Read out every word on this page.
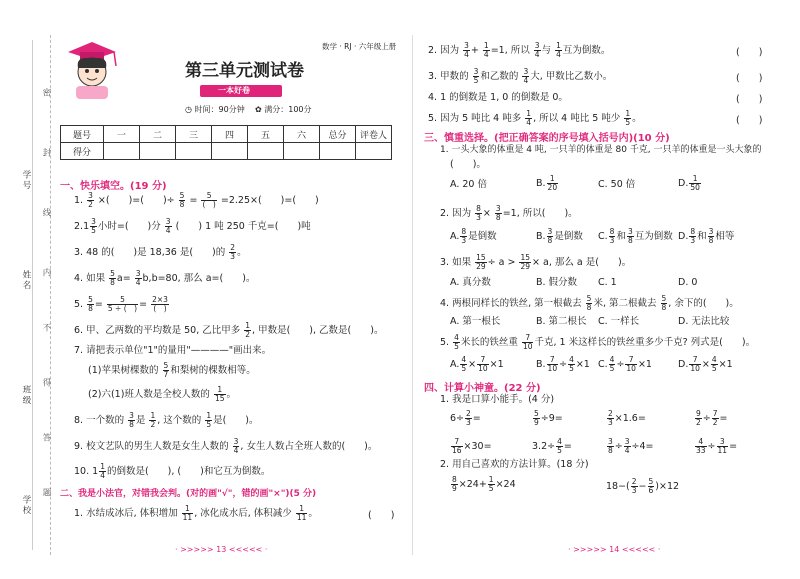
学号
姓名
班级
学校
密
封
线
内
不
得
答
题
数学 · RJ · 六年级上册
第三单元测试卷
一本好卷
◷ 时间：90分钟 ✿ 满分：100分
题号	一	二	三	四	五	六	总分	评卷人
得分								
一、快乐填空。(19 分)
1. $\frac{3}{2}$ ×(　　)=(　　)÷ $\frac{5}{8} = \frac{5}{( )} =2.25\times$(　　)=(　　)
$2.1 \frac{3}{5}$ 小时=(　　)分 $\frac{3}{4}$ (　　) 1 吨 250 千克=(　　)吨
3. 48 的(　　)是 18,36 是(　　)的 $\frac{2}{3}$ 。
4. 如果 $\frac{5}{8} a= \frac{3}{4} b,b=80$, 那么 a=(　　)。
5. $\frac{5}{8} = \frac{5}{5 \div ( )} = \frac{2\times 3}{( )}$
6. 甲、乙两数的平均数是 50, 乙比甲多 $\frac{1}{2}$ , 甲数是(　　), 乙数是(　　)。
7. 请把表示单位"1"的量用"————"画出来。
(1)苹果树棵数的 $\frac{5}{7}$ 和梨树的棵数相等。
(2)六(1)班人数是全校人数的 $\frac{1}{15}$ 。
8. 一个数的 $\frac{3}{8}$ 是 $\frac{1}{2}$ , 这个数的 $\frac{1}{5}$ 是(　　)。
9. 校文艺队的男生人数是女生人数的 $\frac{3}{4}$ , 女生人数占全班人数的(　　)。
10. $1 \frac{1}{4}$ 的倒数是(　　), (　　)和它互为倒数。
二、我是小法官，对错我会判。(对的画"√"，错的画"×")(5 分)
1. 水结成冰后, 体积增加 $\frac{1}{11}$ , 冰化成水后, 体积减少 $\frac{1}{11}$ 。	(　　)
· >>>>> 13 <<<<< ·
2. 因为 $\frac{3}{4} + \frac{1}{4} =1$, 所以 $\frac{3}{4}$ 与 $\frac{1}{4}$ 互为倒数。	(　　)
3. 甲数的 $\frac{3}{5}$ 和乙数的 $\frac{3}{4}$ 大, 甲数比乙数小。	(　　)
4. 1 的倒数是 1, 0 的倒数是 0。	(　　)
5. 因为 5 吨比 4 吨多 $\frac{1}{4}$ , 所以 4 吨比 5 吨少 $\frac{1}{5}$ 。	(　　)
三、慎重选择。(把正确答案的序号填入括号内)(10 分)
1. 一头大象的体重是 4 吨, 一只羊的体重是 80 千克, 一只羊的体重是一头大象的
(　　)。
A. 20 倍	B. $\frac{1}{20}$	C. 50 倍	D. $\frac{1}{50}$
2. 因为 $\frac{8}{3} \times \frac{3}{8} =1$, 所以(　　)。
A. $\frac{8}{3}$ 是倒数	B. $\frac{3}{8}$ 是倒数 C. $\frac{8}{3}$ 和 $\frac{3}{8}$ 互为倒数 D. $\frac{8}{3}$ 和 $\frac{3}{8}$ 相等
3. 如果 $\frac{15}{29} \div a > \frac{15}{29} \times a$, 那么 a 是(　　)。
A. 真分数	B. 假分数 C. 1	D. 0
4. 两根同样长的铁丝, 第一根截去 $\frac{5}{8}$ 米, 第二根截去 $\frac{5}{8}$ , 余下的(　　)。
A. 第一根长	B. 第二根长 C. 一样长	D. 无法比较
5. $\frac{4}{5}$ 米长的铁丝重 $\frac{7}{10}$ 千克, 1 米这样长的铁丝重多少千克? 列式是(　　)。
A. $\frac{4}{5} \times \frac{7}{10} \times 1$	B. $\frac{7}{10} \div \frac{4}{5} \times 1$ C. $\frac{4}{5} \div \frac{7}{10} \times 1$	D. $\frac{7}{10} \times \frac{4}{5} \times 1$
四、计算小神童。(22 分)
1. 我是口算小能手。(4 分)
$6\div \frac{2}{3}$ =	$\frac{5}{9} \div 9=$	$\frac{2}{3} \times 1.6=$	$\frac{9}{2} \div \frac{7}{2}$ =
$\frac{7}{16} \times 30=$	$3.2\div \frac{4}{5}$ =	$\frac{3}{8} \div \frac{3}{4} \div 4=$	$\frac{4}{33} \div \frac{3}{11}$ =
2. 用自己喜欢的方法计算。(18 分)
$\frac{8}{9} \times 24+ \frac{1}{5} \times 24$	$18-( \frac{2}{3} - \frac{5}{6} )\times 12$
· >>>>> 14 <<<<< ·
